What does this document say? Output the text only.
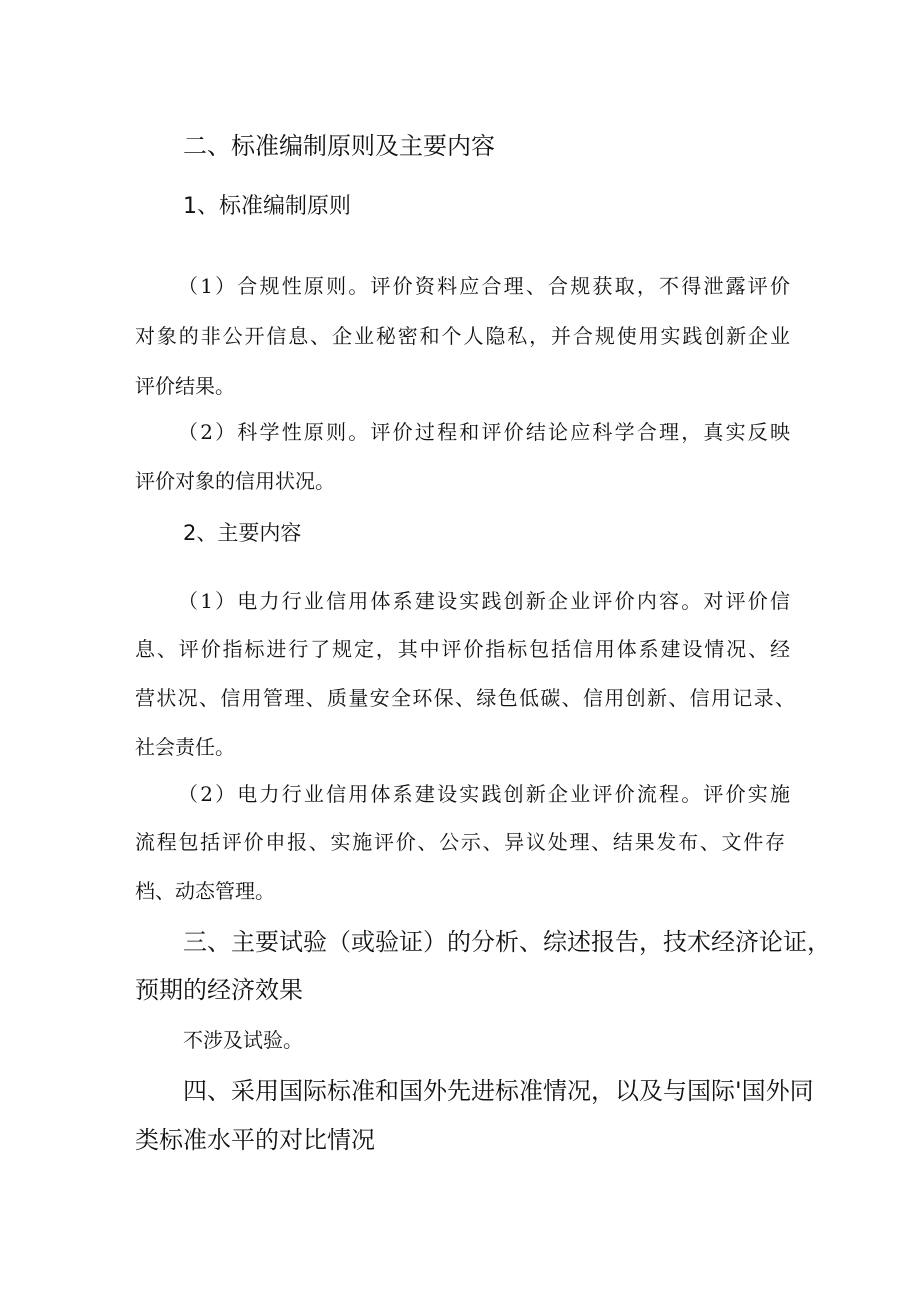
二、标准编制原则及主要内容

1、标准编制原则

（1）合规性原则。评价资料应合理、合规获取，不得泄露评价

对象的非公开信息、企业秘密和个人隐私，并合规使用实践创新企业

评价结果。

（2）科学性原则。评价过程和评价结论应科学合理，真实反映

评价对象的信用状况。

2、主要内容

（1）电力行业信用体系建设实践创新企业评价内容。对评价信

息、评价指标进行了规定，其中评价指标包括信用体系建设情况、经

营状况、信用管理、质量安全环保、绿色低碳、信用创新、信用记录、

社会责任。

（2）电力行业信用体系建设实践创新企业评价流程。评价实施

流程包括评价申报、实施评价、公示、异议处理、结果发布、文件存

档、动态管理。

三、主要试验（或验证）的分析、综述报告，技术经济论证，

预期的经济效果

不涉及试验。

四、采用国际标准和国外先进标准情况，以及与国际'国外同

类标准水平的对比情况
